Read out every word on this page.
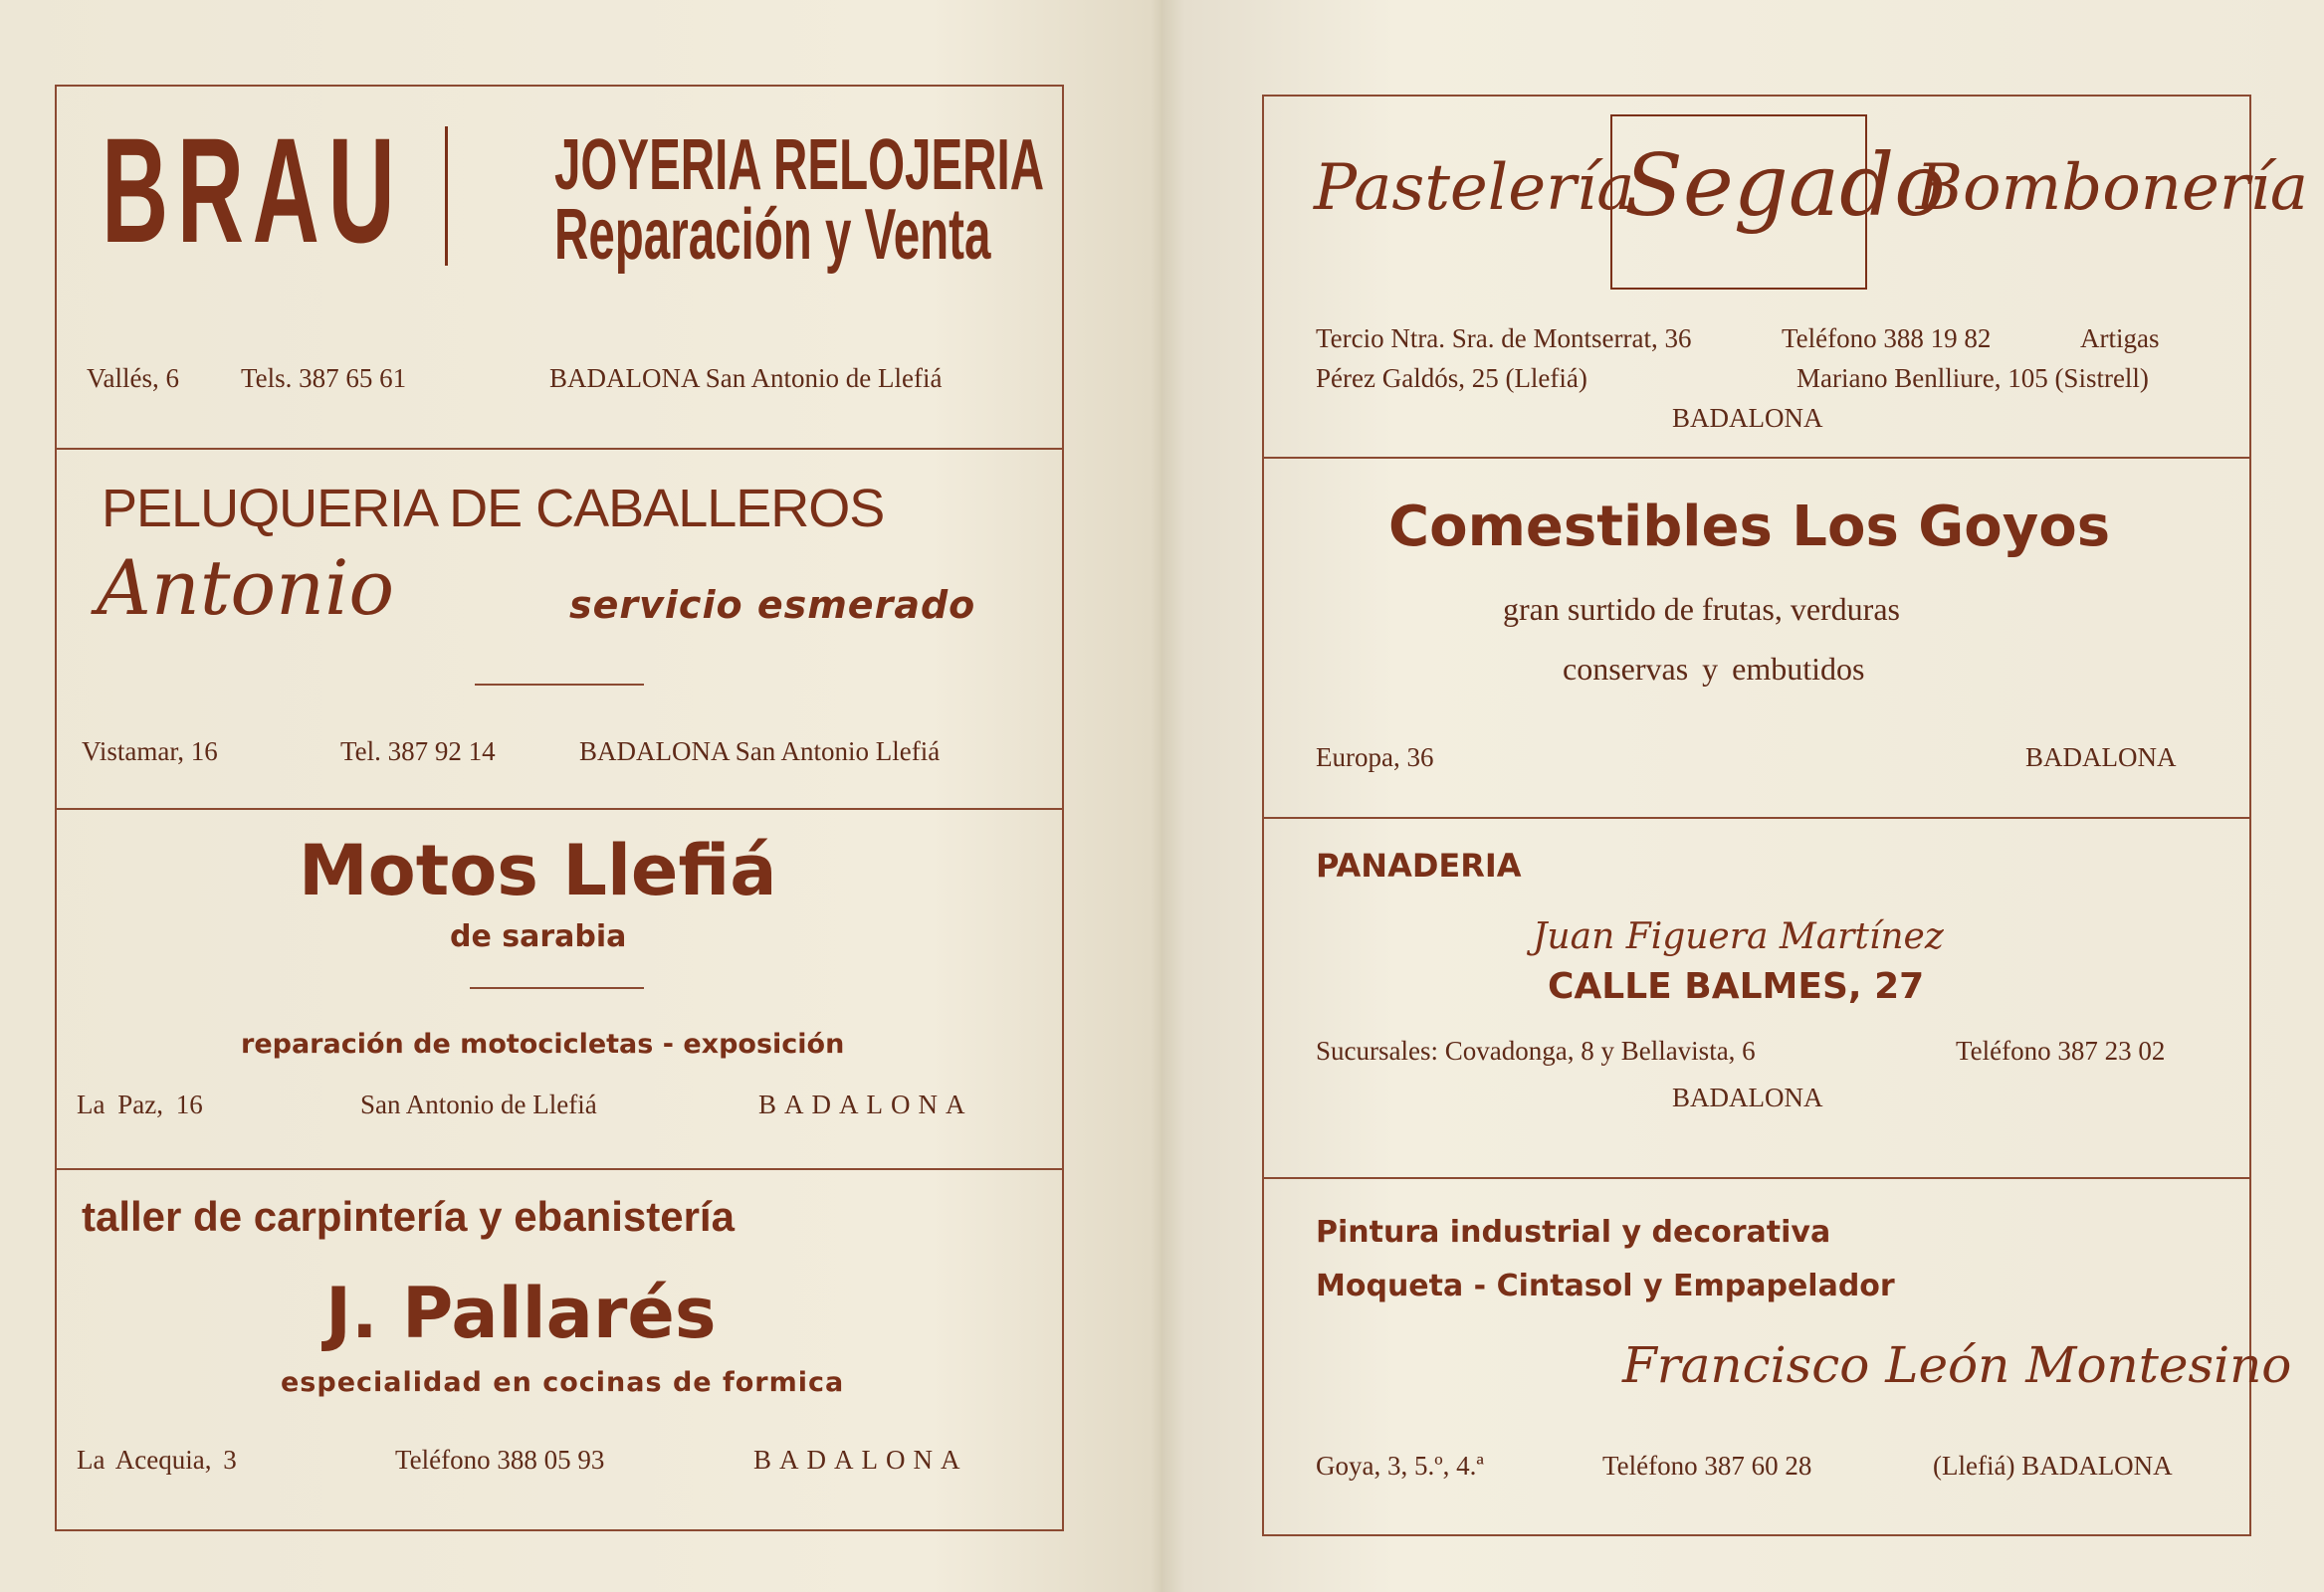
BRAU JOYERIA RELOJERIA
Reparación y Venta
Vallés, 6 Tels. 387 65 61	BADALONA San Antonio de Llefiá
PELUQUERIA DE CABALLEROS
Antonio	servicio esmerado
Vistamar, 16	Tel. 387 92 14	BADALONA San Antonio Llefiá
Motos Llefiá
de sarabia
reparación de motocicletas - exposición
La Paz, 16	San Antonio de Llefiá	BADALONA
taller de carpintería y ebanistería
J. Pallarés
especialidad en cocinas de formica
La Acequia, 3	Teléfono 388 05 93	BADALONA
Pastelería
Segado
Bombonería
Tercio Ntra. Sra. de Montserrat, 36	Teléfono 388 19 82	Artigas
Pérez Galdós, 25 (Llefiá)	Mariano Benlliure, 105 (Sistrell)
BADALONA
Comestibles Los Goyos
gran surtido de frutas, verduras
conservas y embutidos
Europa, 36	BADALONA
PANADERIA
Juan Figuera Martínez
CALLE BALMES, 27
Sucursales: Covadonga, 8 y Bellavista, 6	Teléfono 387 23 02
BADALONA
Pintura industrial y decorativa
Moqueta - Cintasol y Empapelador
Francisco León Montesino
Goya, 3, 5.º, 4.ª	Teléfono 387 60 28	(Llefiá) BADALONA
